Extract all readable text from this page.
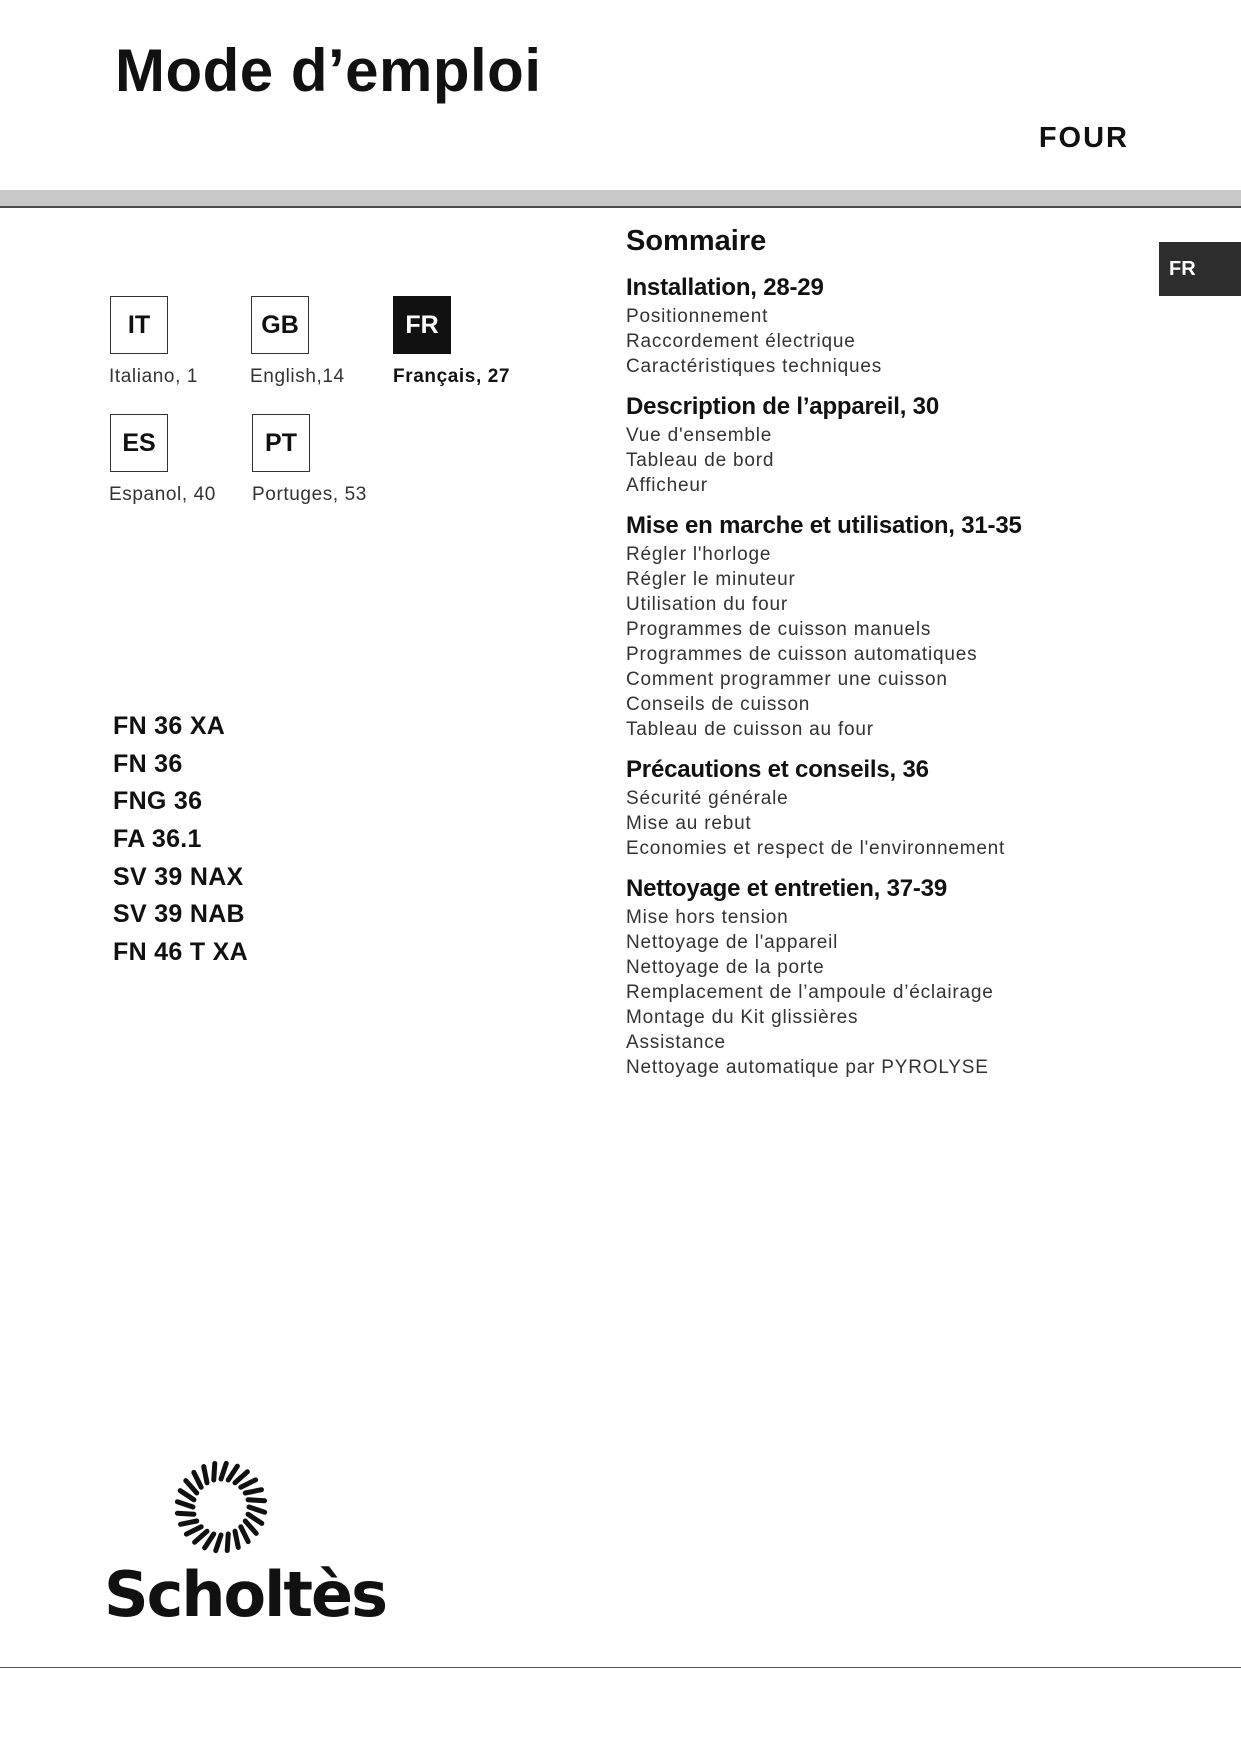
Mode d’emploi
FOUR
FR
IT
Italiano, 1
GB
English,14
FR
Français, 27
ES
Espanol, 40
PT
Portuges, 53
FN 36 XA
FN 36
FNG 36
FA 36.1
SV 39 NAX
SV 39 NAB
FN 46 T XA
Sommaire
Installation, 28-29
Positionnement
Raccordement électrique
Caractéristiques techniques
Description de l’appareil, 30
Vue d'ensemble
Tableau de bord
Afficheur
Mise en marche et utilisation, 31-35
Régler l'horloge
Régler le minuteur
Utilisation du four
Programmes de cuisson manuels
Programmes de cuisson automatiques
Comment programmer une cuisson
Conseils de cuisson
Tableau de cuisson au four
Précautions et conseils, 36
Sécurité générale
Mise au rebut
Economies et respect de l'environnement
Nettoyage et entretien, 37-39
Mise hors tension
Nettoyage de l'appareil
Nettoyage de la porte
Remplacement de l’ampoule d’éclairage
Montage du Kit glissières
Assistance
Nettoyage automatique par PYROLYSE
Scholtès
